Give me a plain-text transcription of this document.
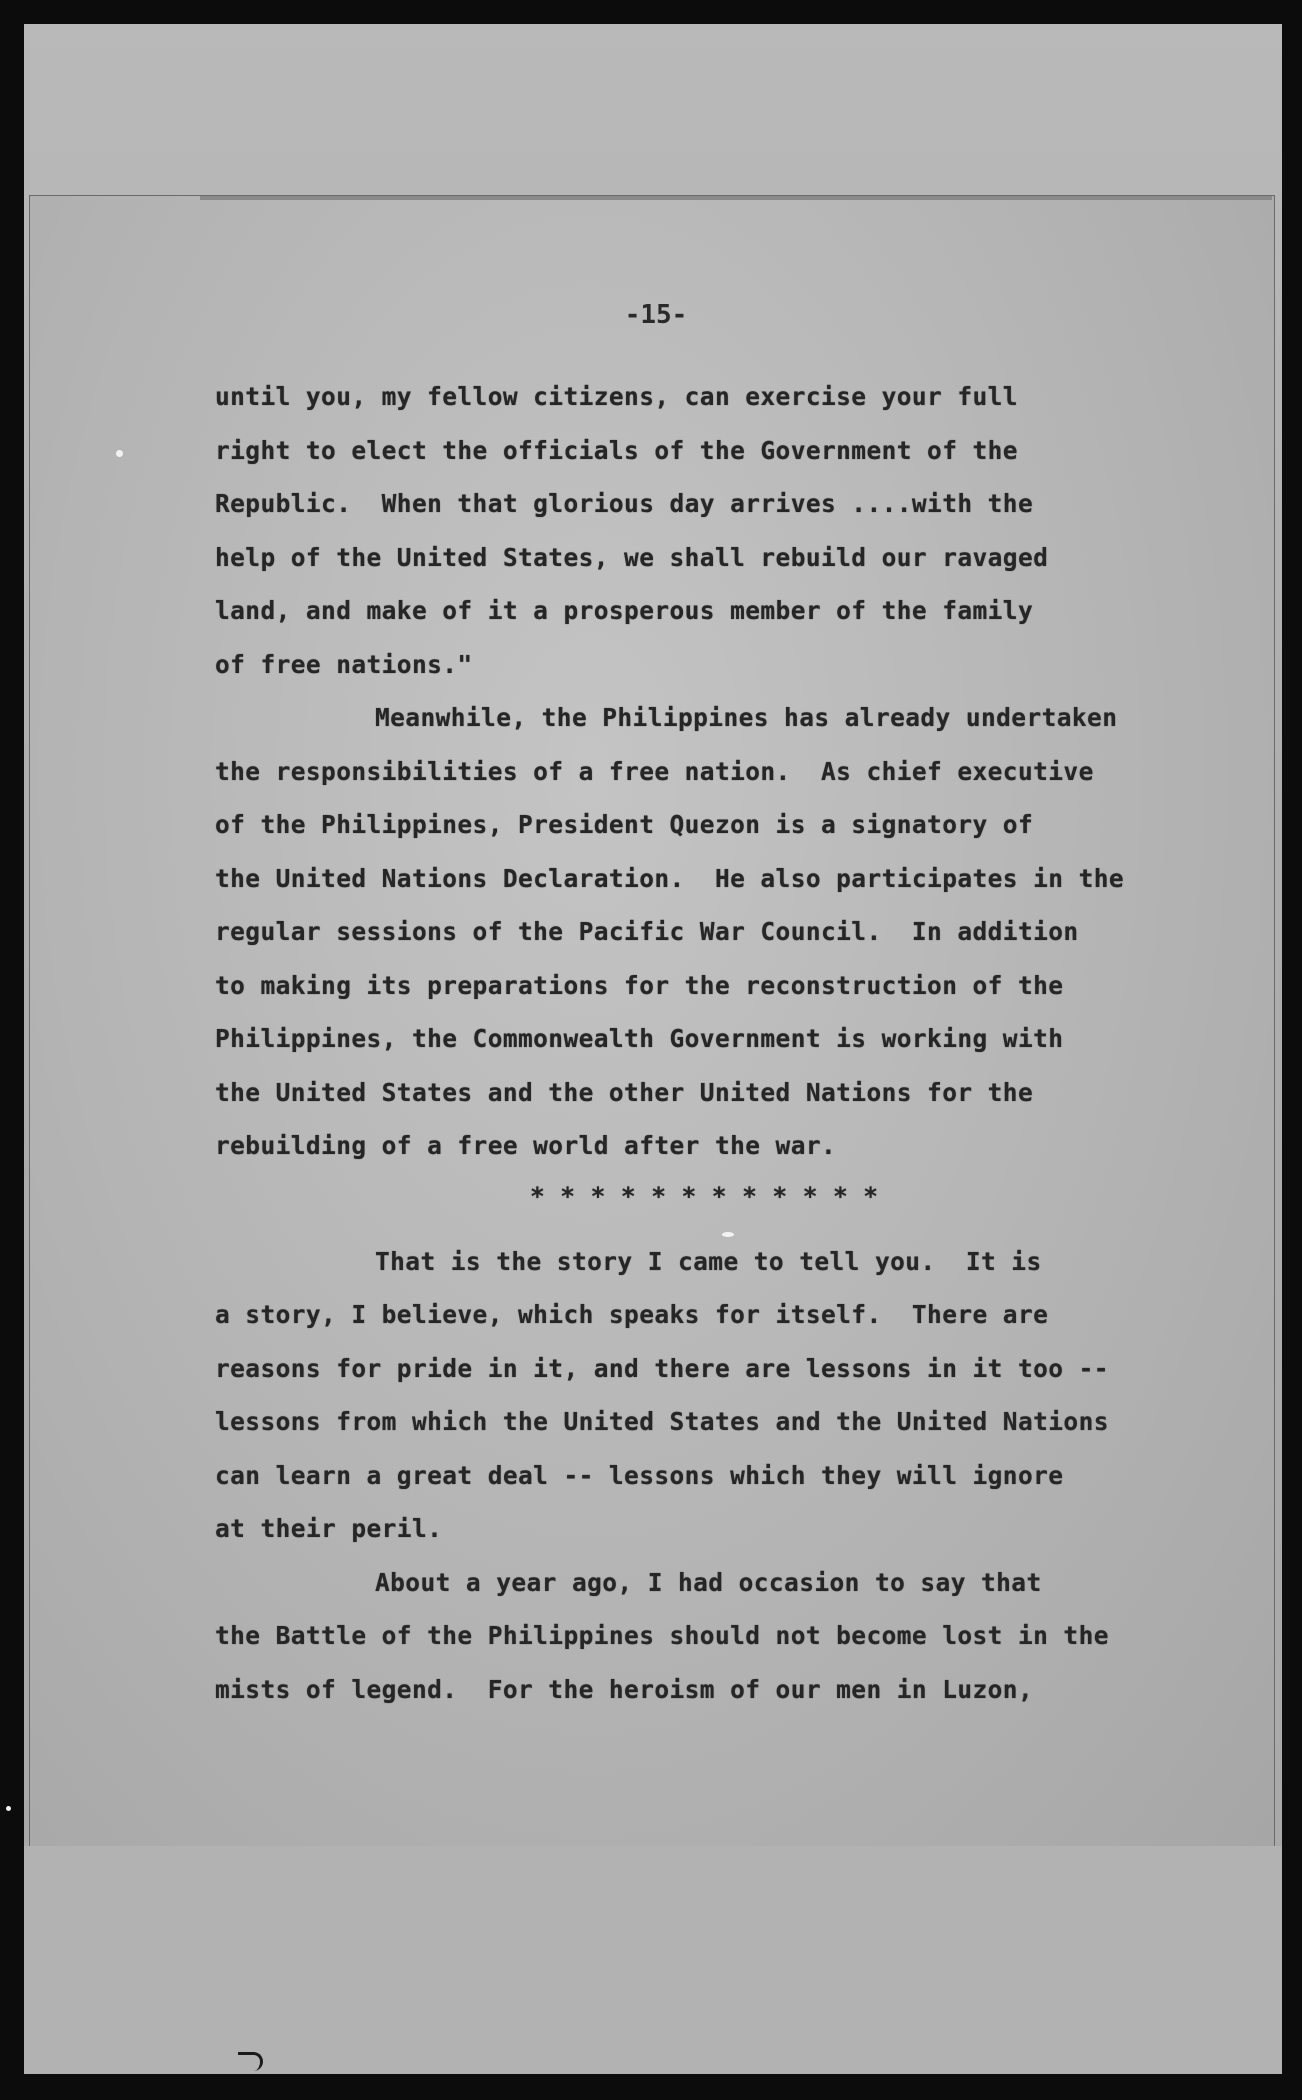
-15-
until you, my fellow citizens, can exercise your full
right to elect the officials of the Government of the
Republic.  When that glorious day arrives ....with the
help of the United States, we shall rebuild our ravaged
land, and make of it a prosperous member of the family
of free nations."
Meanwhile, the Philippines has already undertaken
the responsibilities of a free nation.  As chief executive
of the Philippines, President Quezon is a signatory of
the United Nations Declaration.  He also participates in the
regular sessions of the Pacific War Council.  In addition
to making its preparations for the reconstruction of the
Philippines, the Commonwealth Government is working with
the United States and the other United Nations for the
rebuilding of a free world after the war.
* * * * * * * * * * * *
That is the story I came to tell you.  It is
a story, I believe, which speaks for itself.  There are
reasons for pride in it, and there are lessons in it too --
lessons from which the United States and the United Nations
can learn a great deal -- lessons which they will ignore
at their peril.
About a year ago, I had occasion to say that
the Battle of the Philippines should not become lost in the
mists of legend.  For the heroism of our men in Luzon,
